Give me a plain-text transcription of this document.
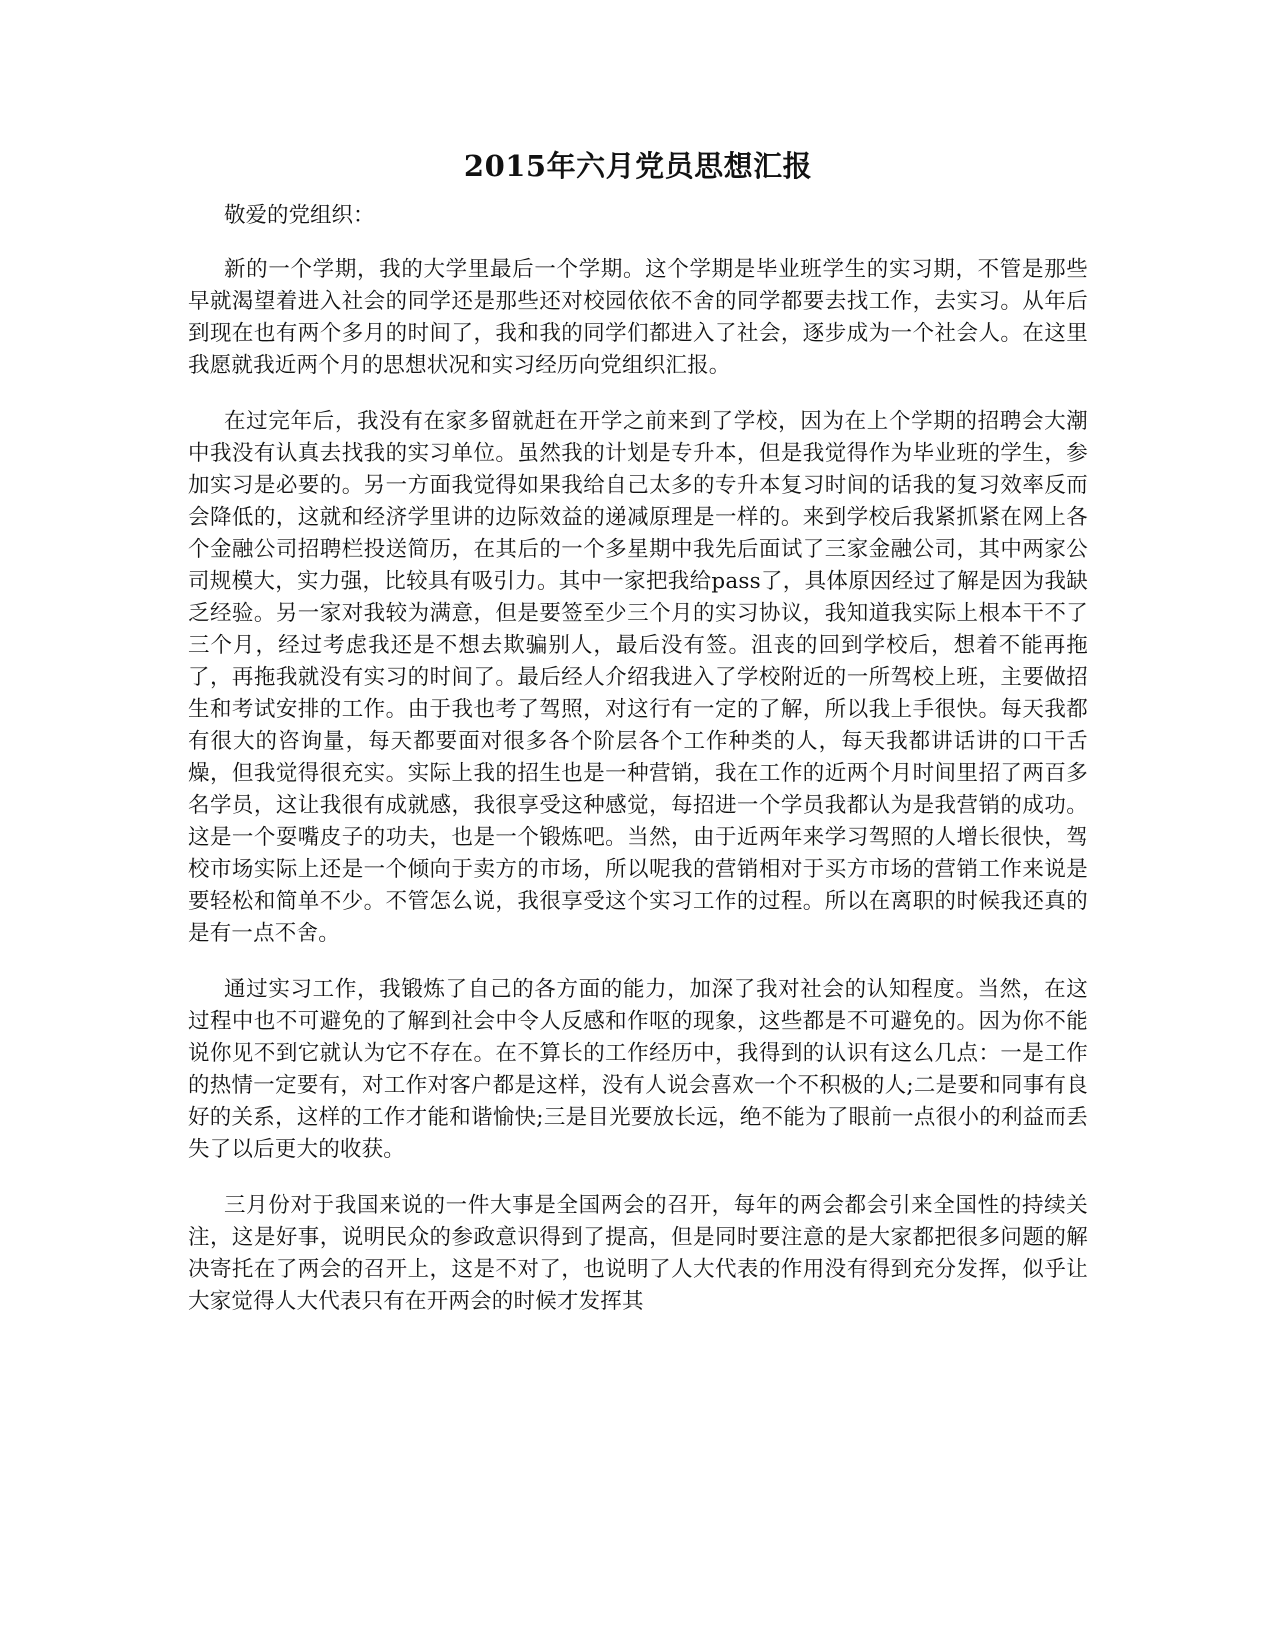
2015年六月党员思想汇报

敬爱的党组织：

新的一个学期，我的大学里最后一个学期。这个学期是毕业班学生的实习期，不管是那些早就渴望着进入社会的同学还是那些还对校园依依不舍的同学都要去找工作，去实习。从年后到现在也有两个多月的时间了，我和我的同学们都进入了社会，逐步成为一个社会人。在这里我愿就我近两个月的思想状况和实习经历向党组织汇报。

在过完年后，我没有在家多留就赶在开学之前来到了学校，因为在上个学期的招聘会大潮中我没有认真去找我的实习单位。虽然我的计划是专升本，但是我觉得作为毕业班的学生，参加实习是必要的。另一方面我觉得如果我给自己太多的专升本复习时间的话我的复习效率反而会降低的，这就和经济学里讲的边际效益的递减原理是一样的。来到学校后我紧抓紧在网上各个金融公司招聘栏投送简历，在其后的一个多星期中我先后面试了三家金融公司，其中两家公司规模大，实力强，比较具有吸引力。其中一家把我给pass了，具体原因经过了解是因为我缺乏经验。另一家对我较为满意，但是要签至少三个月的实习协议，我知道我实际上根本干不了三个月，经过考虑我还是不想去欺骗别人，最后没有签。沮丧的回到学校后，想着不能再拖了，再拖我就没有实习的时间了。最后经人介绍我进入了学校附近的一所驾校上班，主要做招生和考试安排的工作。由于我也考了驾照，对这行有一定的了解，所以我上手很快。每天我都有很大的咨询量，每天都要面对很多各个阶层各个工作种类的人，每天我都讲话讲的口干舌燥，但我觉得很充实。实际上我的招生也是一种营销，我在工作的近两个月时间里招了两百多名学员，这让我很有成就感，我很享受这种感觉，每招进一个学员我都认为是我营销的成功。这是一个耍嘴皮子的功夫，也是一个锻炼吧。当然，由于近两年来学习驾照的人增长很快，驾校市场实际上还是一个倾向于卖方的市场，所以呢我的营销相对于买方市场的营销工作来说是要轻松和简单不少。不管怎么说，我很享受这个实习工作的过程。所以在离职的时候我还真的是有一点不舍。

通过实习工作，我锻炼了自己的各方面的能力，加深了我对社会的认知程度。当然，在这过程中也不可避免的了解到社会中令人反感和作呕的现象，这些都是不可避免的。因为你不能说你见不到它就认为它不存在。在不算长的工作经历中，我得到的认识有这么几点：一是工作的热情一定要有，对工作对客户都是这样，没有人说会喜欢一个不积极的人;二是要和同事有良好的关系，这样的工作才能和谐愉快;三是目光要放长远，绝不能为了眼前一点很小的利益而丢失了以后更大的收获。

三月份对于我国来说的一件大事是全国两会的召开，每年的两会都会引来全国性的持续关注，这是好事，说明民众的参政意识得到了提高，但是同时要注意的是大家都把很多问题的解决寄托在了两会的召开上，这是不对了，也说明了人大代表的作用没有得到充分发挥，似乎让大家觉得人大代表只有在开两会的时候才发挥其
